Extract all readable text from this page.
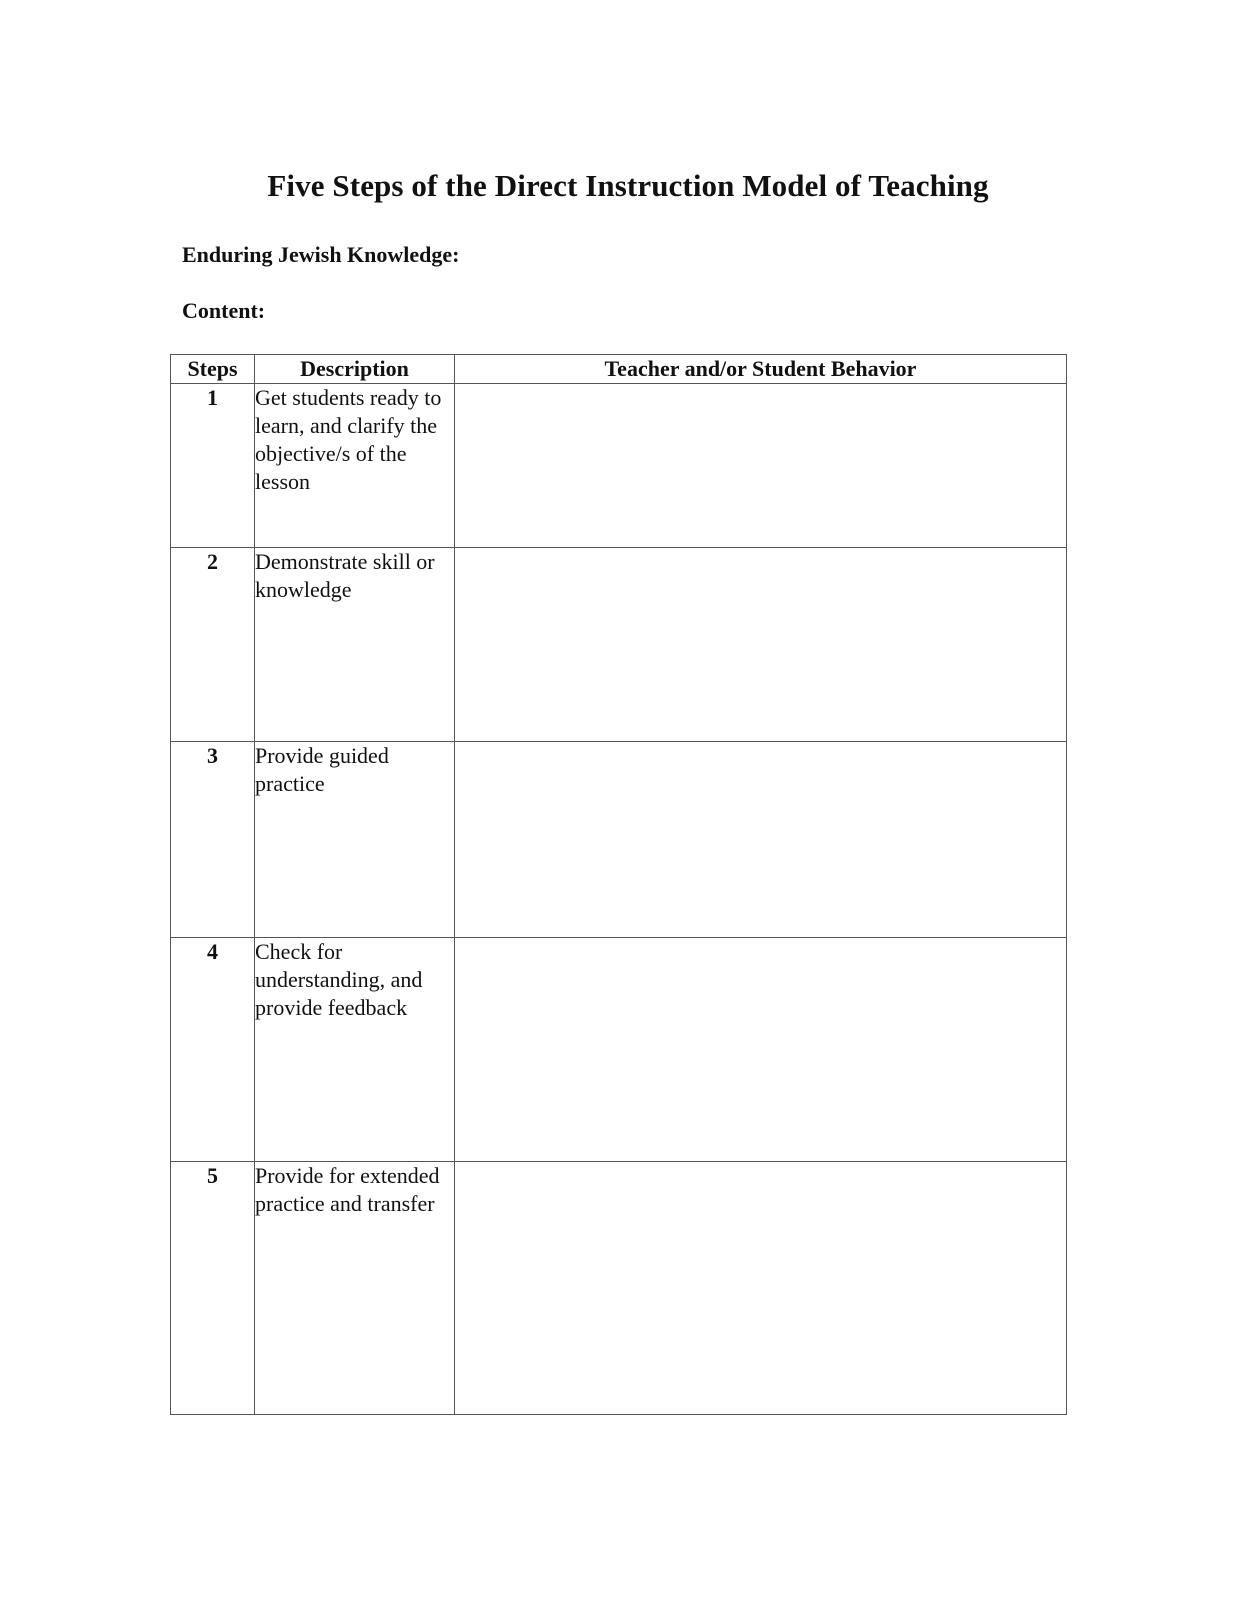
Five Steps of the Direct Instruction Model of Teaching
Enduring Jewish Knowledge:
Content:
Steps	Description	Teacher and/or Student Behavior
1	Get students ready to learn, and clarify the objective/s of the lesson	
2	Demonstrate skill or knowledge	
3	Provide guided practice	
4	Check for understanding, and provide feedback	
5	Provide for extended practice and transfer	
